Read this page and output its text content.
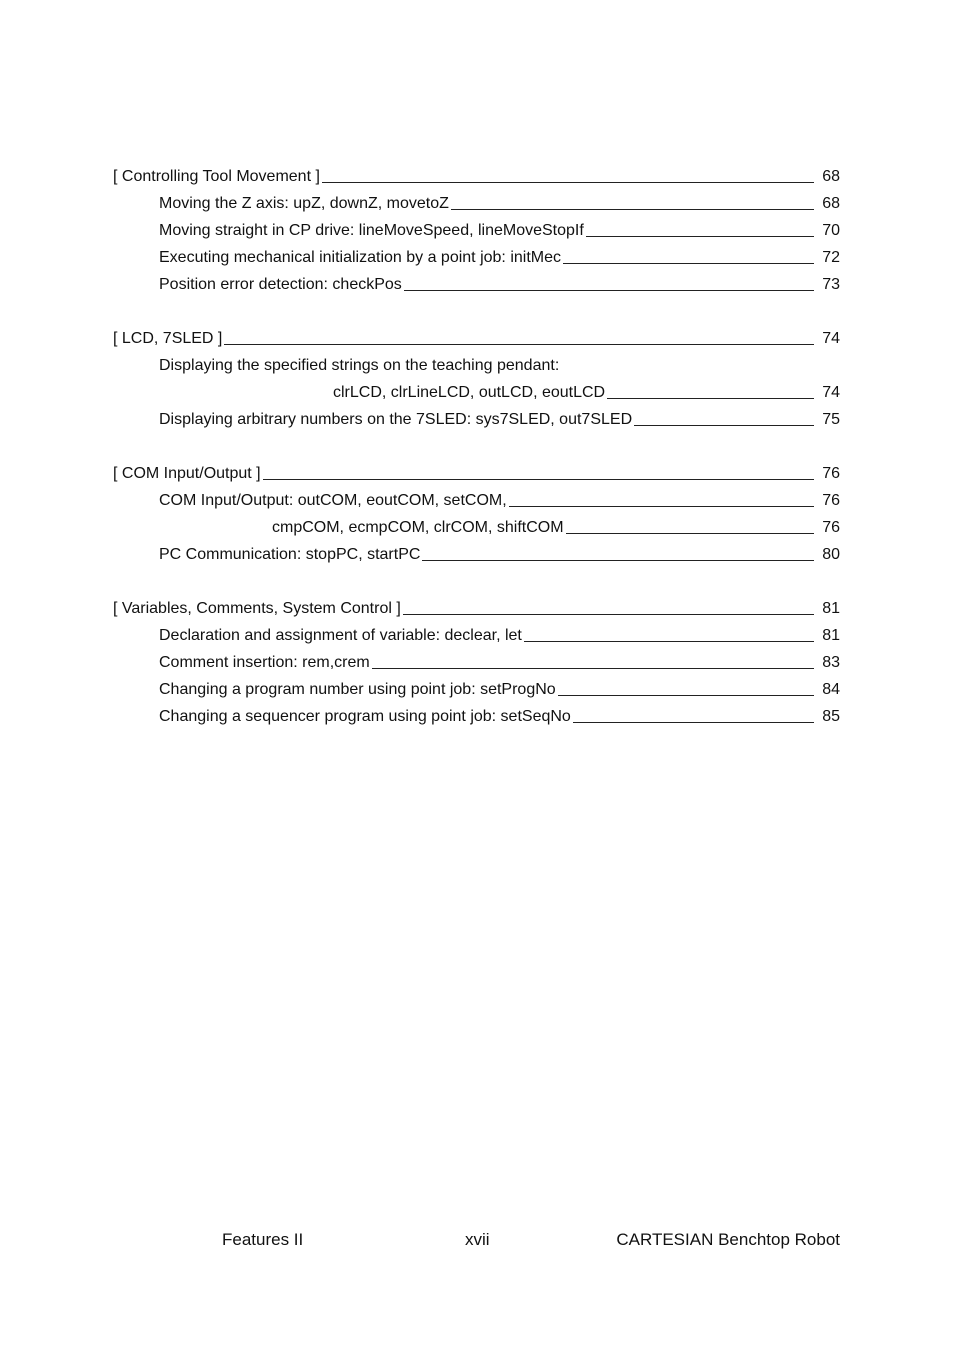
[ Controlling Tool Movement ]	68
Moving the Z axis: upZ, downZ, movetoZ	68
Moving straight in CP drive: lineMoveSpeed, lineMoveStopIf	70
Executing mechanical initialization by a point job: initMec	72
Position error detection: checkPos	73
[ LCD, 7SLED ]	74
Displaying the specified strings on the teaching pendant:
clrLCD, clrLineLCD, outLCD, eoutLCD	74
Displaying arbitrary numbers on the 7SLED: sys7SLED, out7SLED	75
[ COM Input/Output ]	76
COM Input/Output: outCOM, eoutCOM, setCOM,	76
cmpCOM, ecmpCOM, clrCOM, shiftCOM	76
PC Communication: stopPC, startPC	80
[ Variables, Comments, System Control ]	81
Declaration and assignment of variable: declear, let	81
Comment insertion: rem,crem	83
Changing a program number using point job: setProgNo	84
Changing a sequencer program using point job: setSeqNo	85
Features II	xvii	CARTESIAN Benchtop Robot
